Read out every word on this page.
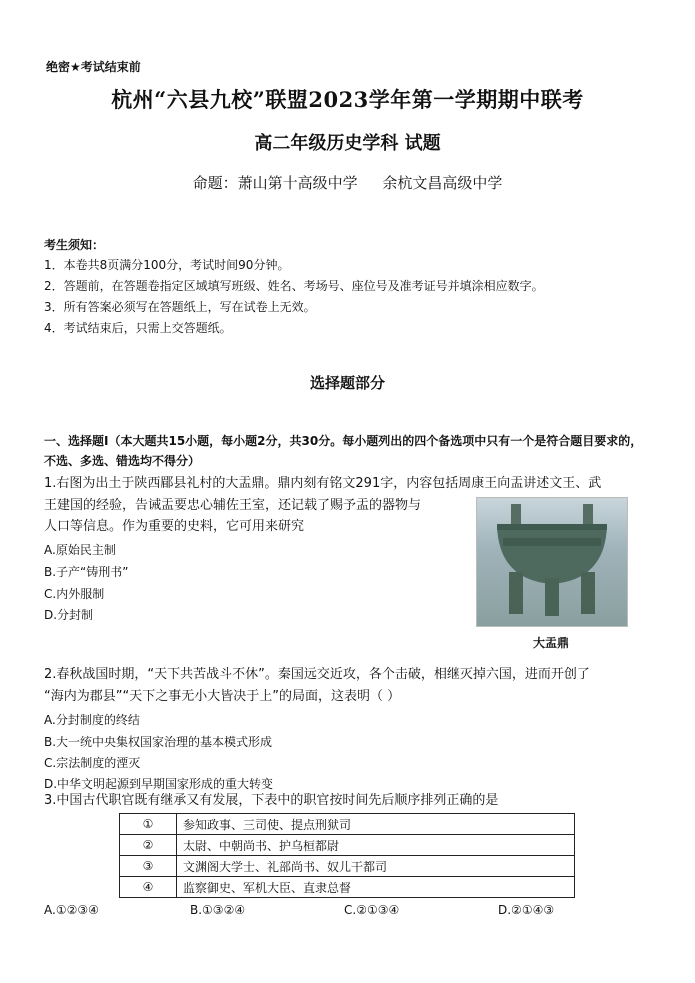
绝密★考试结束前
杭州“六县九校”联盟2023学年第一学期期中联考
高二年级历史学科 试题
命题：萧山第十高级中学 余杭文昌高级中学
考生须知：
1．本卷共8页满分100分，考试时间90分钟。
2．答题前，在答题卷指定区域填写班级、姓名、考场号、座位号及准考证号并填涂相应数字。
3．所有答案必须写在答题纸上，写在试卷上无效。
4．考试结束后，只需上交答题纸。
选择题部分
一、选择题Ⅰ（本大题共15小题，每小题2分，共30分。每小题列出的四个备选项中只有一个是符合题目要求的，不选、多选、错选均不得分）
1.右图为出土于陕西郿县礼村的大盂鼎。鼎内刻有铭文291字，内容包括周康王向盂讲述文王、武
王建国的经验，告诫盂要忠心辅佐王室，还记载了赐予盂的器物与
人口等信息。作为重要的史料，它可用来研究
A.原始民主制
B.子产“铸刑书”
C.内外服制
D.分封制
大盂鼎
2.春秋战国时期，“天下共苦战斗不休”。秦国远交近攻，各个击破，相继灭掉六国，进而开创了
“海内为郡县”“天下之事无小大皆决于上”的局面，这表明（ ）
A.分封制度的终结
B.大一统中央集权国家治理的基本模式形成
C.宗法制度的湮灭
D.中华文明起源到早期国家形成的重大转变
3.中国古代职官既有继承又有发展，下表中的职官按时间先后顺序排列正确的是
①	参知政事、三司使、提点刑狱司
②	太尉、中朝尚书、护乌桓都尉
③	文渊阁大学士、礼部尚书、奴儿干都司
④	监察御史、军机大臣、直隶总督
A.①②③④	B.①③②④	C.②①③④	D.②①④③
